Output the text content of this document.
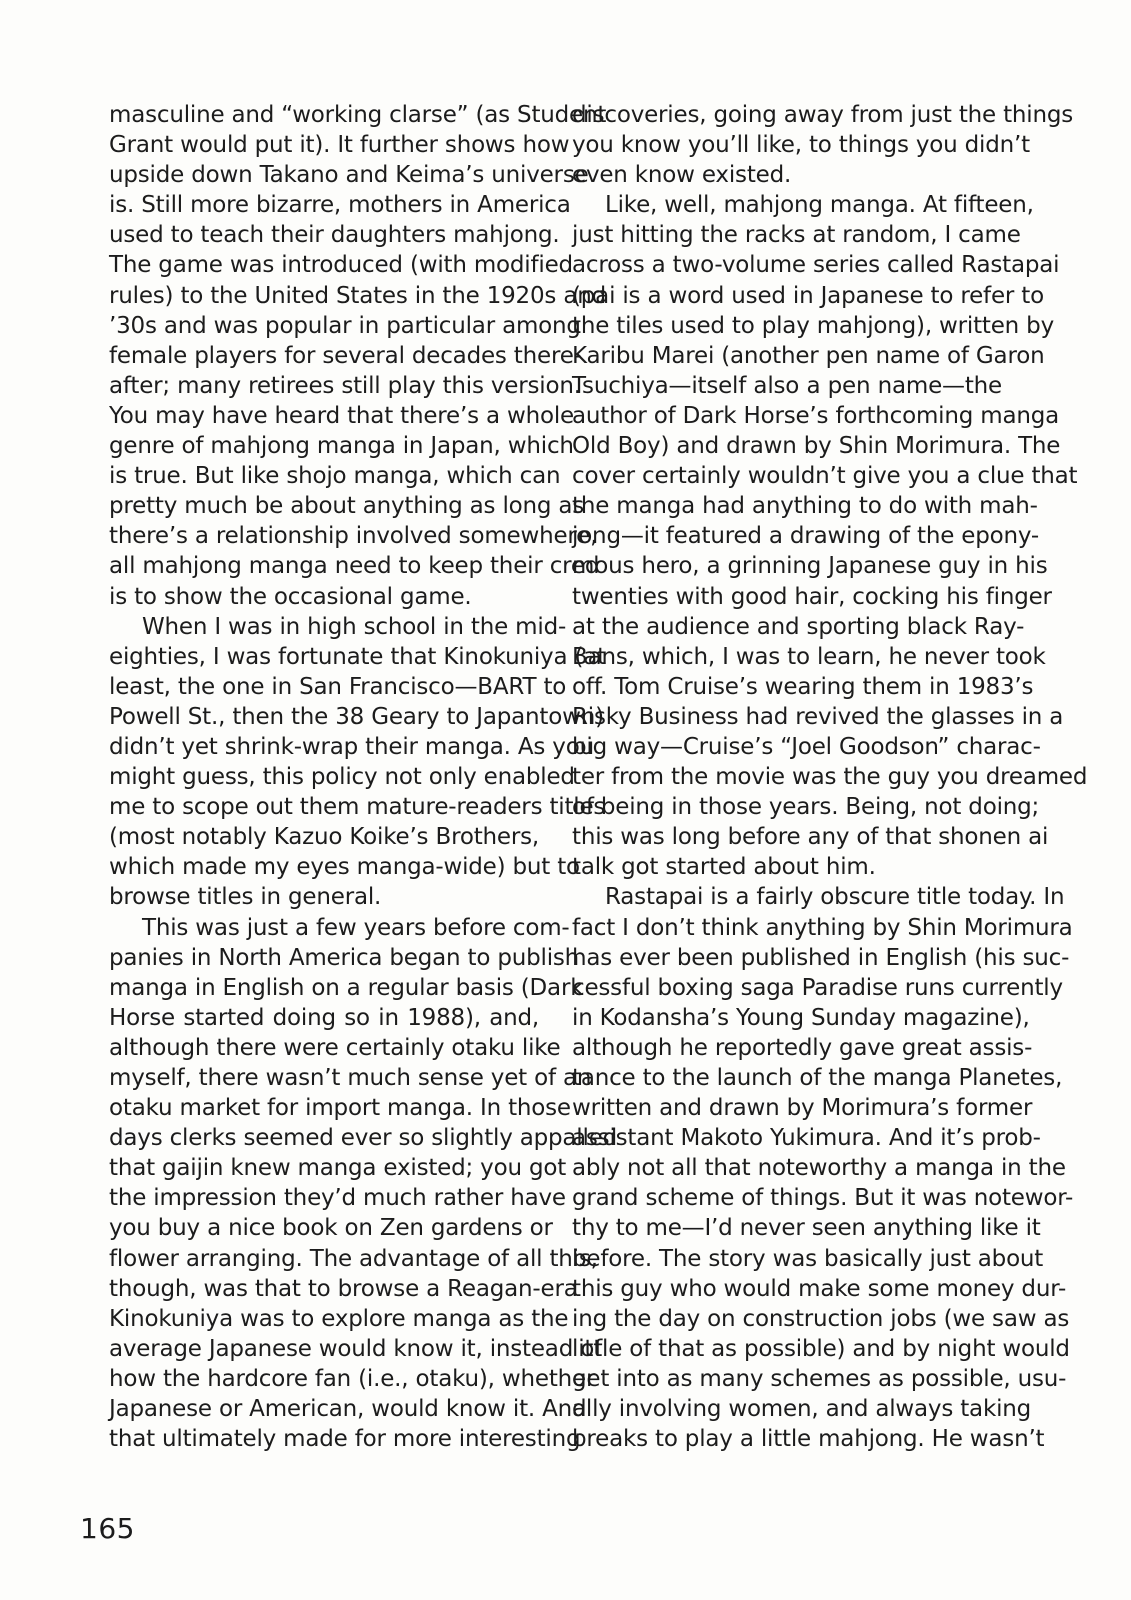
masculine and “working clarse” (as Student
Grant would put it). It further shows how
upside down Takano and Keima’s universe
is. Still more bizarre, mothers in America
used to teach their daughters mahjong.
The game was introduced (with modified
rules) to the United States in the 1920s and
’30s and was popular in particular among
female players for several decades there-
after; many retirees still play this version.
You may have heard that there’s a whole
genre of mahjong manga in Japan, which
is true. But like shojo manga, which can
pretty much be about anything as long as
there’s a relationship involved somewhere,
all mahjong manga need to keep their cred
is to show the occasional game.
When I was in high school in the mid-
eighties, I was fortunate that Kinokuniya (at
least, the one in San Francisco—BART to
Powell St., then the 38 Geary to Japantown)
didn’t yet shrink-wrap their manga. As you
might guess, this policy not only enabled
me to scope out them mature-readers titles
(most notably Kazuo Koike’s Brothers,
which made my eyes manga-wide) but to
browse titles in general.
This was just a few years before com-
panies in North America began to publish
manga in English on a regular basis (Dark
Horse started doing so in 1988), and,
although there were certainly otaku like
myself, there wasn’t much sense yet of an
otaku market for import manga. In those
days clerks seemed ever so slightly appalled
that gaijin knew manga existed; you got
the impression they’d much rather have
you buy a nice book on Zen gardens or
flower arranging. The advantage of all this,
though, was that to browse a Reagan-era
Kinokuniya was to explore manga as the
average Japanese would know it, instead of
how the hardcore fan (i.e., otaku), whether
Japanese or American, would know it. And
that ultimately made for more interesting
discoveries, going away from just the things
you know you’ll like, to things you didn’t
even know existed.
Like, well, mahjong manga. At fifteen,
just hitting the racks at random, I came
across a two-volume series called Rastapai
(pai is a word used in Japanese to refer to
the tiles used to play mahjong), written by
Karibu Marei (another pen name of Garon
Tsuchiya—itself also a pen name—the
author of Dark Horse’s forthcoming manga
Old Boy) and drawn by Shin Morimura. The
cover certainly wouldn’t give you a clue that
the manga had anything to do with mah-
jong—it featured a drawing of the epony-
mous hero, a grinning Japanese guy in his
twenties with good hair, cocking his finger
at the audience and sporting black Ray-
Bans, which, I was to learn, he never took
off. Tom Cruise’s wearing them in 1983’s
Risky Business had revived the glasses in a
big way—Cruise’s “Joel Goodson” charac-
ter from the movie was the guy you dreamed
of being in those years. Being, not doing;
this was long before any of that shonen ai
talk got started about him.
Rastapai is a fairly obscure title today. In
fact I don’t think anything by Shin Morimura
has ever been published in English (his suc-
cessful boxing saga Paradise runs currently
in Kodansha’s Young Sunday magazine),
although he reportedly gave great assis-
tance to the launch of the manga Planetes,
written and drawn by Morimura’s former
assistant Makoto Yukimura. And it’s prob-
ably not all that noteworthy a manga in the
grand scheme of things. But it was notewor-
thy to me—I’d never seen anything like it
before. The story was basically just about
this guy who would make some money dur-
ing the day on construction jobs (we saw as
little of that as possible) and by night would
get into as many schemes as possible, usu-
ally involving women, and always taking
breaks to play a little mahjong. He wasn’t
165
